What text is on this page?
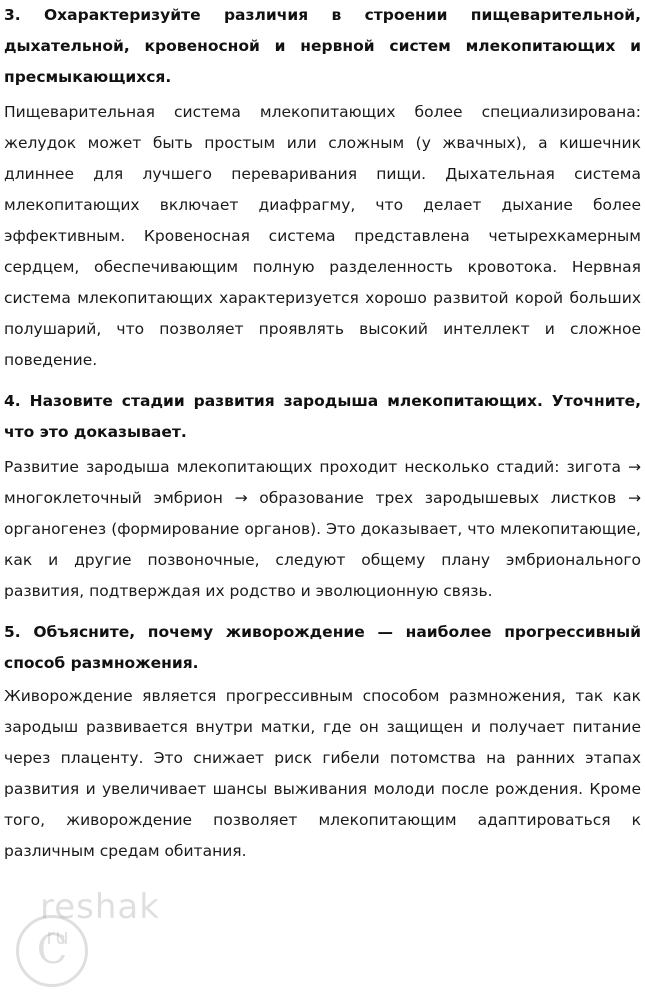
3. Охарактеризуйте различия в строении пищеварительной, дыхательной, кровеносной и нервной систем млекопитающих и пресмыкающихся.

Пищеварительная система млекопитающих более специализирована: желудок может быть простым или сложным (у жвачных), а кишечник длиннее для лучшего переваривания пищи. Дыхательная система млекопитающих включает диафрагму, что делает дыхание более эффективным. Кровеносная система представлена четырехкамерным сердцем, обеспечивающим полную разделенность кровотока. Нервная система млекопитающих характеризуется хорошо развитой корой больших полушарий, что позволяет проявлять высокий интеллект и сложное поведение.

4. Назовите стадии развития зародыша млекопитающих. Уточните, что это доказывает.

Развитие зародыша млекопитающих проходит несколько стадий: зигота → многоклеточный эмбрион → образование трех зародышевых листков → органогенез (формирование органов). Это доказывает, что млекопитающие, как и другие позвоночные, следуют общему плану эмбрионального развития, подтверждая их родство и эволюционную связь.

5. Объясните, почему живорождение — наиболее прогрессивный способ размножения.

Живорождение является прогрессивным способом размножения, так как зародыш развивается внутри матки, где он защищен и получает питание через плаценту. Это снижает риск гибели потомства на ранних этапах развития и увеличивает шансы выживания молоди после рождения. Кроме того, живорождение позволяет млекопитающим адаптироваться к различным средам обитания.

reshak
ru
C
